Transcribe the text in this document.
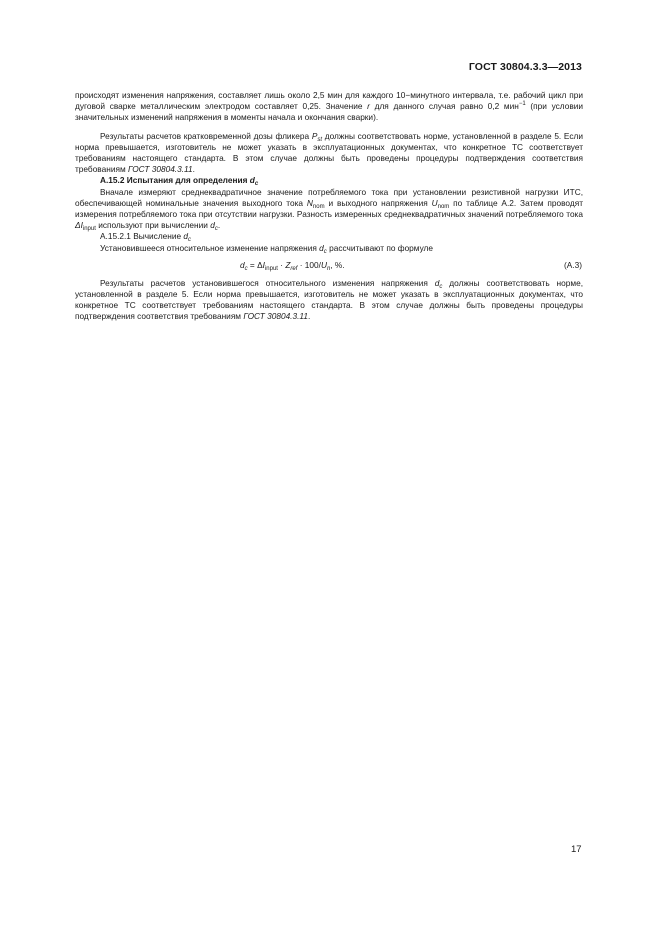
ГОСТ 30804.3.3—2013

происходят изменения напряжения, составляет лишь около 2,5 мин для каждого 10−минутного интервала, т.е. рабочий цикл при дуговой сварке металлическим электродом составляет 0,25. Значение r для данного случая равно 0,2 мин$^{-1}$ (при условии значительных изменений напряжения в моменты начала и окончания сварки).

Результаты расчетов кратковременной дозы фликера $P_{st}$ должны соответствовать норме, установленной в разделе 5. Если норма превышается, изготовитель не может указать в эксплуатационных документах, что конкретное ТС соответствует требованиям настоящего стандарта. В этом случае должны быть проведены процедуры подтверждения соответствия требованиям ГОСТ 30804.3.11.

А.15.2 Испытания для определения $d_c$

Вначале измеряют среднеквадратичное значение потребляемого тока при установлении резистивной нагрузки ИТС, обеспечивающей номинальные значения выходного тока $N_{nom}$ и выходного напряжения $U_{nom}$ по таблице А.2. Затем проводят измерения потребляемого тока при отсутствии нагрузки. Разность измеренных среднеквадратичных значений потребляемого тока $\Delta I_{input}$ используют при вычислении $d_c$.

А.15.2.1 Вычисление $d_c$

Установившееся относительное изменение напряжения $d_c$ рассчитывают по формуле

$d_c = \Delta I_{input} \cdot Z_{ref} \cdot 100/U_n$, %.	(А.3)

Результаты расчетов установившегося относительного изменения напряжения $d_c$ должны соответствовать норме, установленной в разделе 5. Если норма превышается, изготовитель не может указать в эксплуатационных документах, что конкретное ТС соответствует требованиям настоящего стандарта. В этом случае должны быть проведены процедуры подтверждения соответствия требованиям ГОСТ 30804.3.11.

17
